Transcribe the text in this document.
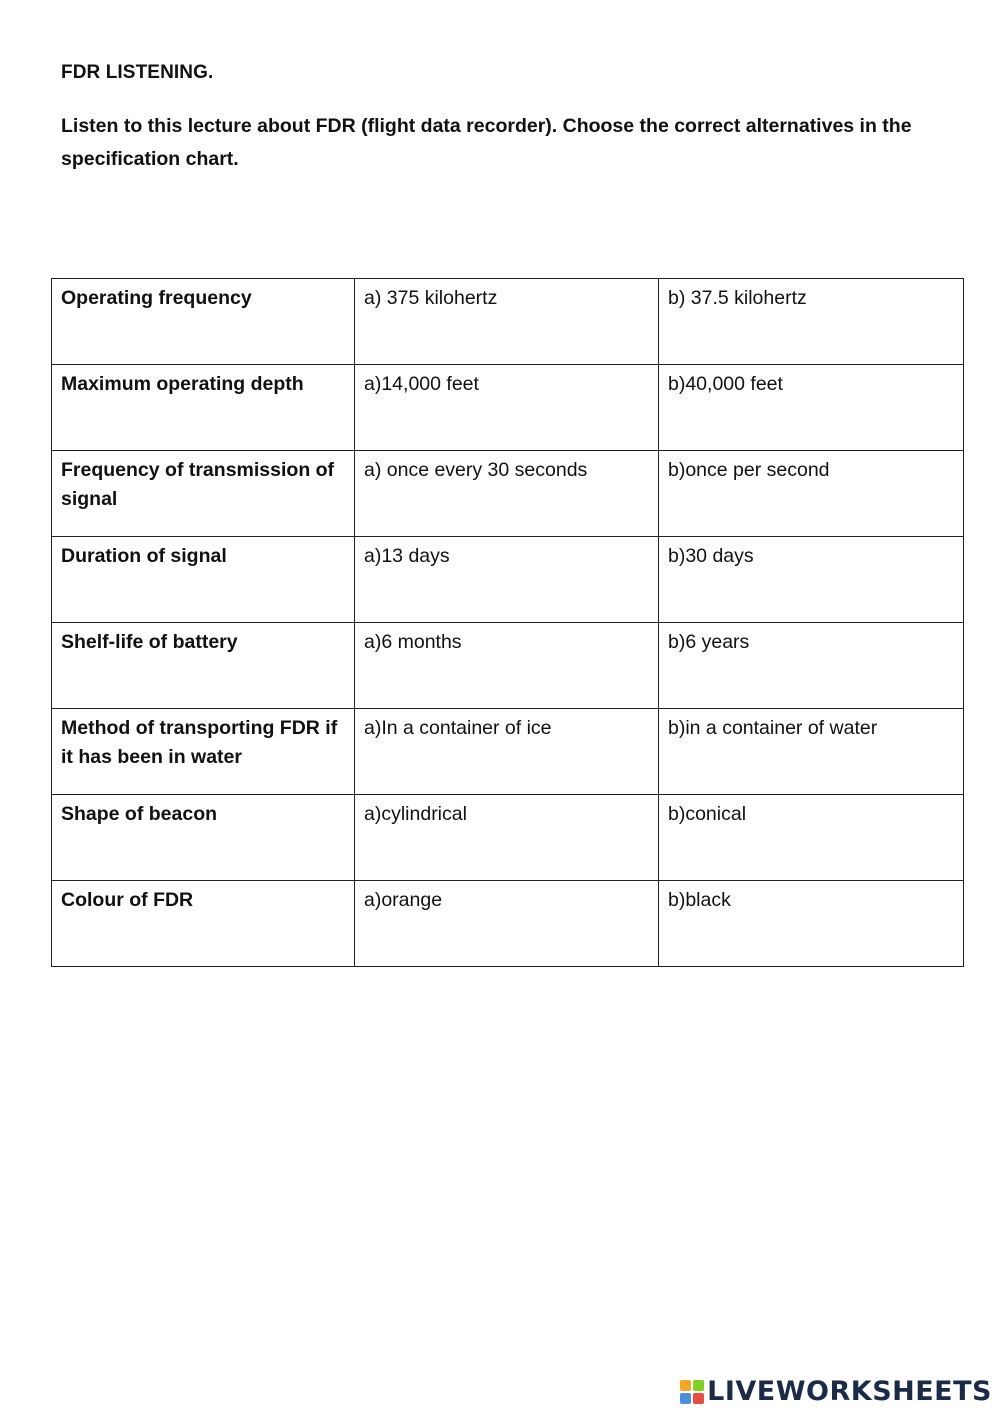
FDR LISTENING.
Listen to this lecture about FDR (flight data recorder). Choose the correct alternatives in the specification chart.
Operating frequency	a) 375 kilohertz	b) 37.5 kilohertz
Maximum operating depth	a)14,000 feet	b)40,000 feet
Frequency of transmission of signal	a) once every 30 seconds	b)once per second
Duration of signal	a)13 days	b)30 days
Shelf-life of battery	a)6 months	b)6 years
Method of transporting FDR if it has been in water	a)In a container of ice	b)in a container of water
Shape of beacon	a)cylindrical	b)conical
Colour of FDR	a)orange	b)black
LIVEWORKSHEETS
